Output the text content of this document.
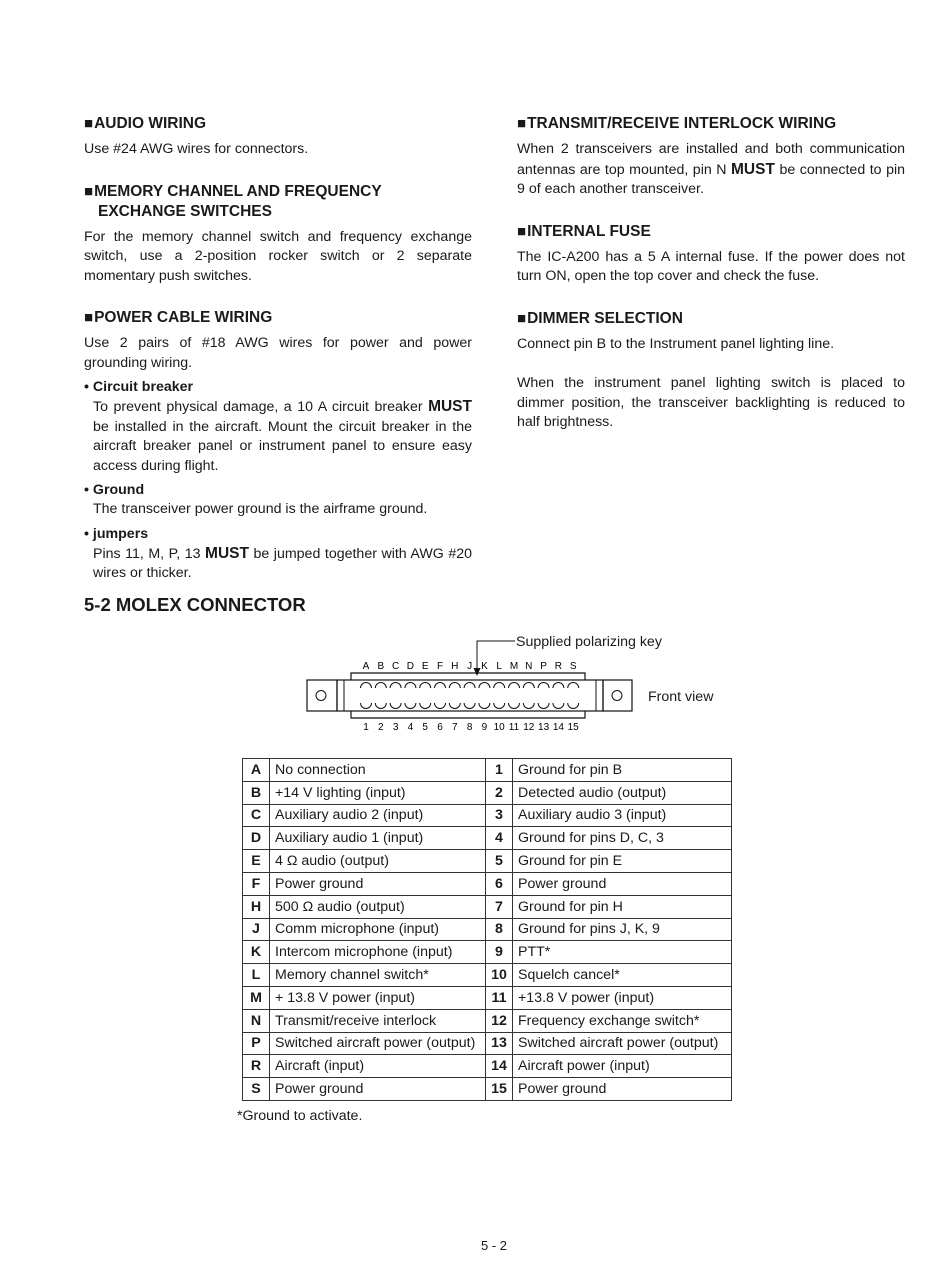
■AUDIO WIRING

Use #24 AWG wires for connectors.

■MEMORY CHANNEL AND FREQUENCY
EXCHANGE SWITCHES

For the memory channel switch and frequency exchange switch, use a 2-position rocker switch or 2 separate momentary push switches.

■POWER CABLE WIRING

Use 2 pairs of #18 AWG wires for power and power grounding wiring.

• Circuit breaker

To prevent physical damage, a 10 A circuit breaker MUST be installed in the aircraft. Mount the circuit breaker in the aircraft breaker panel or instrument panel to ensure easy access during flight.

• Ground

The transceiver power ground is the airframe ground.

• jumpers

Pins 11, M, P, 13 MUST be jumped together with AWG #20 wires or thicker.

■TRANSMIT/RECEIVE INTERLOCK WIRING

When 2 transceivers are installed and both communication antennas are top mounted, pin N MUST be connected to pin 9 of each another transceiver.

■INTERNAL FUSE

The IC-A200 has a 5 A internal fuse. If the power does not turn ON, open the top cover and check the fuse.

■DIMMER SELECTION

Connect pin B to the Instrument panel lighting line.

When the instrument panel lighting switch is placed to dimmer position, the transceiver backlighting is reduced to half brightness.

5-2 MOLEX CONNECTOR
Supplied polarizing key
A B C D E F H J K L M N P R S
1 2 3 4 5 6 7 8 9 10 11 12 13 14 15
Front view
A	No connection	1	Ground for pin B
B	+14 V lighting (input)	2	Detected audio (output)
C	Auxiliary audio 2 (input)	3	Auxiliary audio 3 (input)
D	Auxiliary audio 1 (input)	4	Ground for pins D, C, 3
E	4 Ω audio (output)	5	Ground for pin E
F	Power ground	6	Power ground
H	500 Ω audio (output)	7	Ground for pin H
J	Comm microphone (input)	8	Ground for pins J, K, 9
K	Intercom microphone (input)	9	PTT*
L	Memory channel switch*	10	Squelch cancel*
M	+ 13.8 V power (input)	11	+13.8 V power (input)
N	Transmit/receive interlock	12	Frequency exchange switch*
P	Switched aircraft power (output)	13	Switched aircraft power (output)
R	Aircraft (input)	14	Aircraft power (input)
S	Power ground	15	Power ground

*Ground to activate.

5 - 2
